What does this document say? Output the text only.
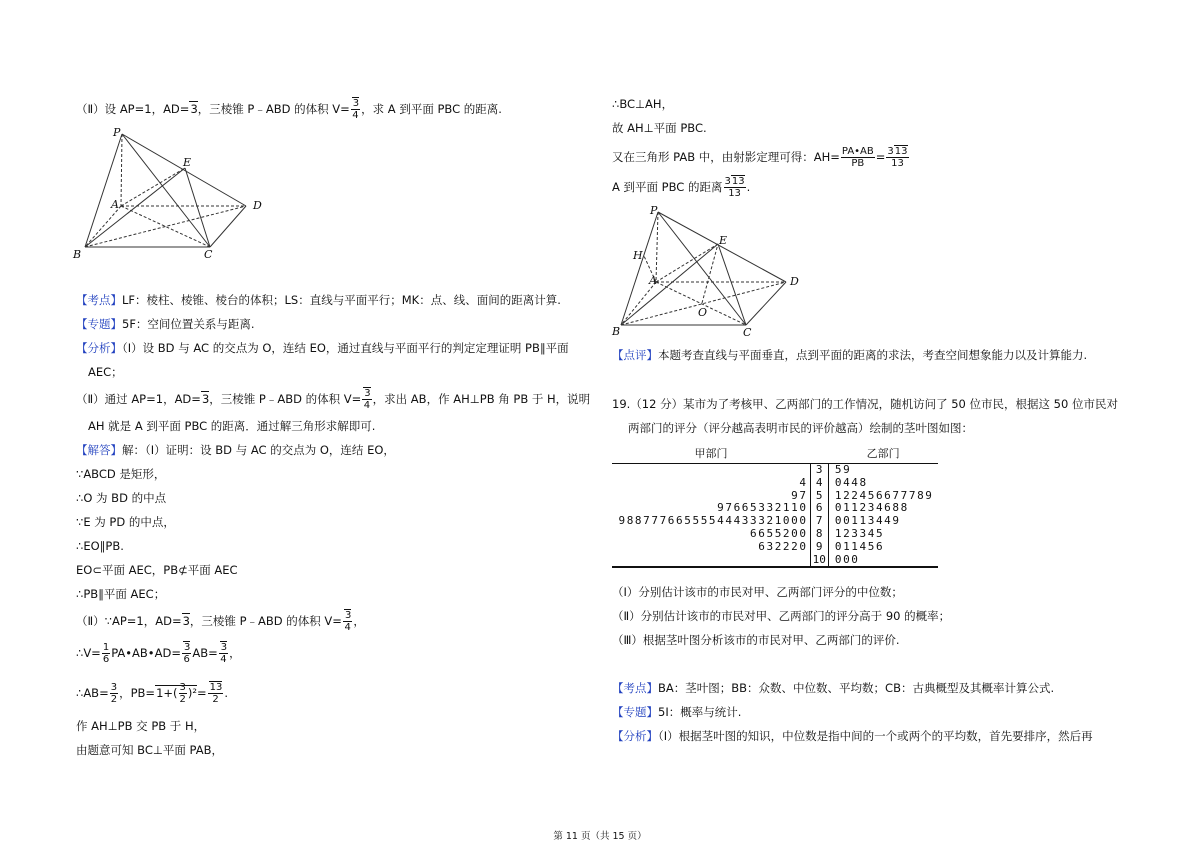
（Ⅱ）设 AP=1，AD=3，三棱锥 P﹣ABD 的体积 $V= \frac{3}{4}$ ，求 A 到平面 PBC 的距离.
P
E
A	D
B	C
【考点】LF：棱柱、棱锥、棱台的体积；LS：直线与平面平行；MK：点、线、面间的距离计算.
【专题】5F：空间位置关系与距离.
【分析】（Ⅰ）设 BD 与 AC 的交点为 O，连结 EO，通过直线与平面平行的判定定理证明 PB∥平面
AEC；
（Ⅱ）通过 AP=1，AD=3，三棱锥 P﹣ABD 的体积 $V= \frac{3}{4}$ ，求出 AB，作 AH⊥PB 角 PB 于 H，说明
AH 就是 A 到平面 PBC 的距离．通过解三角形求解即可.
【解答】解：（Ⅰ）证明：设 BD 与 AC 的交点为 O，连结 EO，
∵ABCD 是矩形，
∴O 为 BD 的中点
∵E 为 PD 的中点，
∴EO∥PB.
EO⊂平面 AEC，PB⊄平面 AEC
∴PB∥平面 AEC；
（Ⅱ）∵AP=1，AD=3，三棱锥 P﹣ABD 的体积 $V= \frac{3}{4}$ ，
∴V= $\frac{1}{6}$ PA•AB•AD= $\frac{3}{6} AB= \frac{3}{4}$ ，
∴AB= $\frac{3}{2}$ ，$PB=1+( \frac{3}{2} )^2= \frac{13}{2}$ .
作 AH⊥PB 交 PB 于 H，
由题意可知 BC⊥平面 PAB，
∴BC⊥AH，
故 AH⊥平面 PBC.
又在三角形 PAB 中，由射影定理可得：$AH= \frac{PA•AB}{PB} = \frac{313}{13}$
A 到平面 PBC 的距离 $\frac{313}{13}$ .
P
E
H
A	D
O
B	C
【点评】本题考查直线与平面垂直，点到平面的距离的求法，考查空间想象能力以及计算能力.
19.（12 分）某市为了考核甲、乙两部门的工作情况，随机访问了 50 位市民，根据这 50 位市民对
两部门的评分（评分越高表明市民的评价越高）绘制的茎叶图如图：
甲部门		乙部门
	3	59
4	4	0448
97	5	122456677789
97665332110	6	011234688
98877766555544433321000	7	00113449
6655200	8	123345
632220	9	011456
	10	000
（Ⅰ）分别估计该市的市民对甲、乙两部门评分的中位数；
（Ⅱ）分别估计该市的市民对甲、乙两部门的评分高于 90 的概率；
（Ⅲ）根据茎叶图分析该市的市民对甲、乙两部门的评价.
【考点】BA：茎叶图；BB：众数、中位数、平均数；CB：古典概型及其概率计算公式.
【专题】5I：概率与统计.
【分析】（Ⅰ）根据茎叶图的知识，中位数是指中间的一个或两个的平均数，首先要排序，然后再
第 11 页（共 15 页）
